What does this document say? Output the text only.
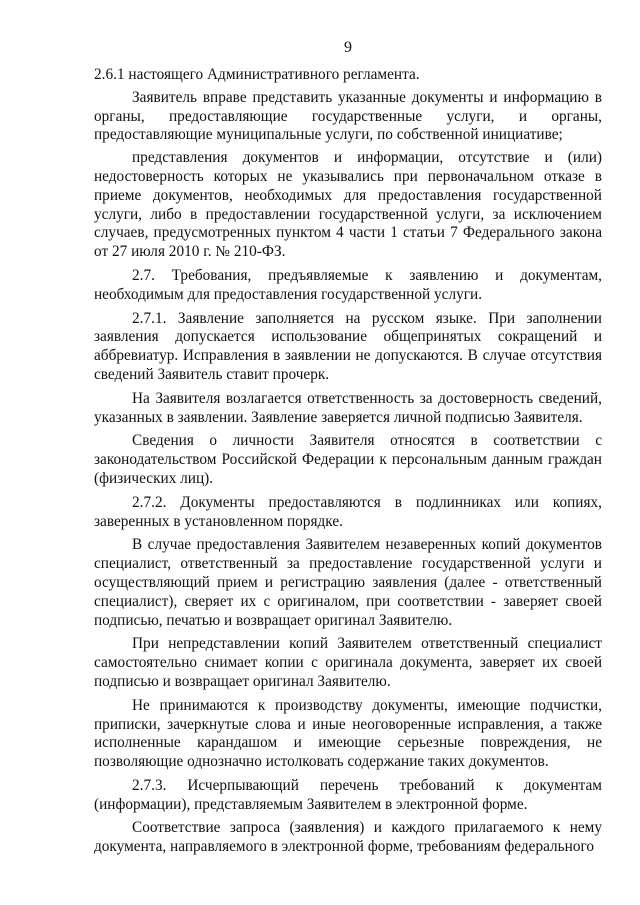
9

2.6.1 настоящего Административного регламента.

Заявитель вправе представить указанные документы и информацию в органы, предоставляющие государственные услуги, и органы, предоставляющие муниципальные услуги, по собственной инициативе;

представления документов и информации, отсутствие и (или) недостоверность которых не указывались при первоначальном отказе в приеме документов, необходимых для предоставления государственной услуги, либо в предоставлении государственной услуги, за исключением случаев, предусмотренных пунктом 4 части 1 статьи 7 Федерального закона от 27 июля 2010 г. № 210-ФЗ.

2.7. Требования, предъявляемые к заявлению и документам, необходимым для предоставления государственной услуги.

2.7.1. Заявление заполняется на русском языке. При заполнении заявления допускается использование общепринятых сокращений и аббревиатур. Исправления в заявлении не допускаются. В случае отсутствия сведений Заявитель ставит прочерк.

На Заявителя возлагается ответственность за достоверность сведений, указанных в заявлении. Заявление заверяется личной подписью Заявителя.

Сведения о личности Заявителя относятся в соответствии с законодательством Российской Федерации к персональным данным граждан (физических лиц).

2.7.2. Документы предоставляются в подлинниках или копиях, заверенных в установленном порядке.

В случае предоставления Заявителем незаверенных копий документов специалист, ответственный за предоставление государственной услуги и осуществляющий прием и регистрацию заявления (далее - ответственный специалист), сверяет их с оригиналом, при соответствии - заверяет своей подписью, печатью и возвращает оригинал Заявителю.

При непредставлении копий Заявителем ответственный специалист самостоятельно снимает копии с оригинала документа, заверяет их своей подписью и возвращает оригинал Заявителю.

Не принимаются к производству документы, имеющие подчистки, приписки, зачеркнутые слова и иные неоговоренные исправления, а также исполненные карандашом и имеющие серьезные повреждения, не позволяющие однозначно истолковать содержание таких документов.

2.7.3. Исчерпывающий перечень требований к документам (информации), представляемым Заявителем в электронной форме.

Соответствие запроса (заявления) и каждого прилагаемого к нему документа, направляемого в электронной форме, требованиям федерального
